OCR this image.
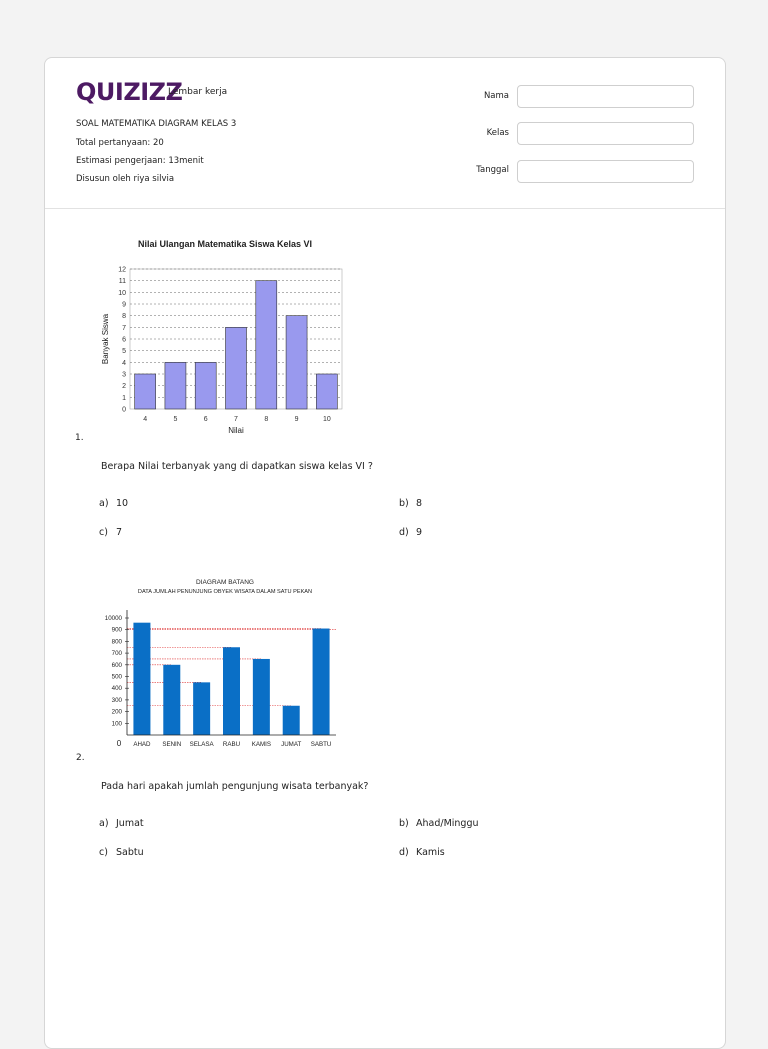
QUIZIZZ
Lembar kerja
SOAL MATEMATIKA DIAGRAM KELAS 3
Total pertanyaan: 20
Estimasi pengerjaan: 13menit
Disusun oleh riya silvia
Nama
Kelas
Tanggal
Nilai Ulangan Matematika Siswa Kelas VI
0
1
2
3
4
5
6
7
8
9
10
11
12
4	5	6	7	8	9	10
Nilai
Banyak Siswa
1.
Berapa Nilai terbanyak yang di dapatkan siswa kelas VI ?
a) 10	b) 8
c) 7	d) 9
DIAGRAM BATANG
DATA JUMLAH PENUNJUNG OBYEK WISATA DALAM SATU PEKAN
AHAD SENIN SELASA RABU KAMIS JUMAT SABTU
0
100
200
300
400
500
600
700
800
900
10000
2.
Pada hari apakah jumlah pengunjung wisata terbanyak?
a) Jumat	b) Ahad/Minggu
c) Sabtu	d) Kamis
